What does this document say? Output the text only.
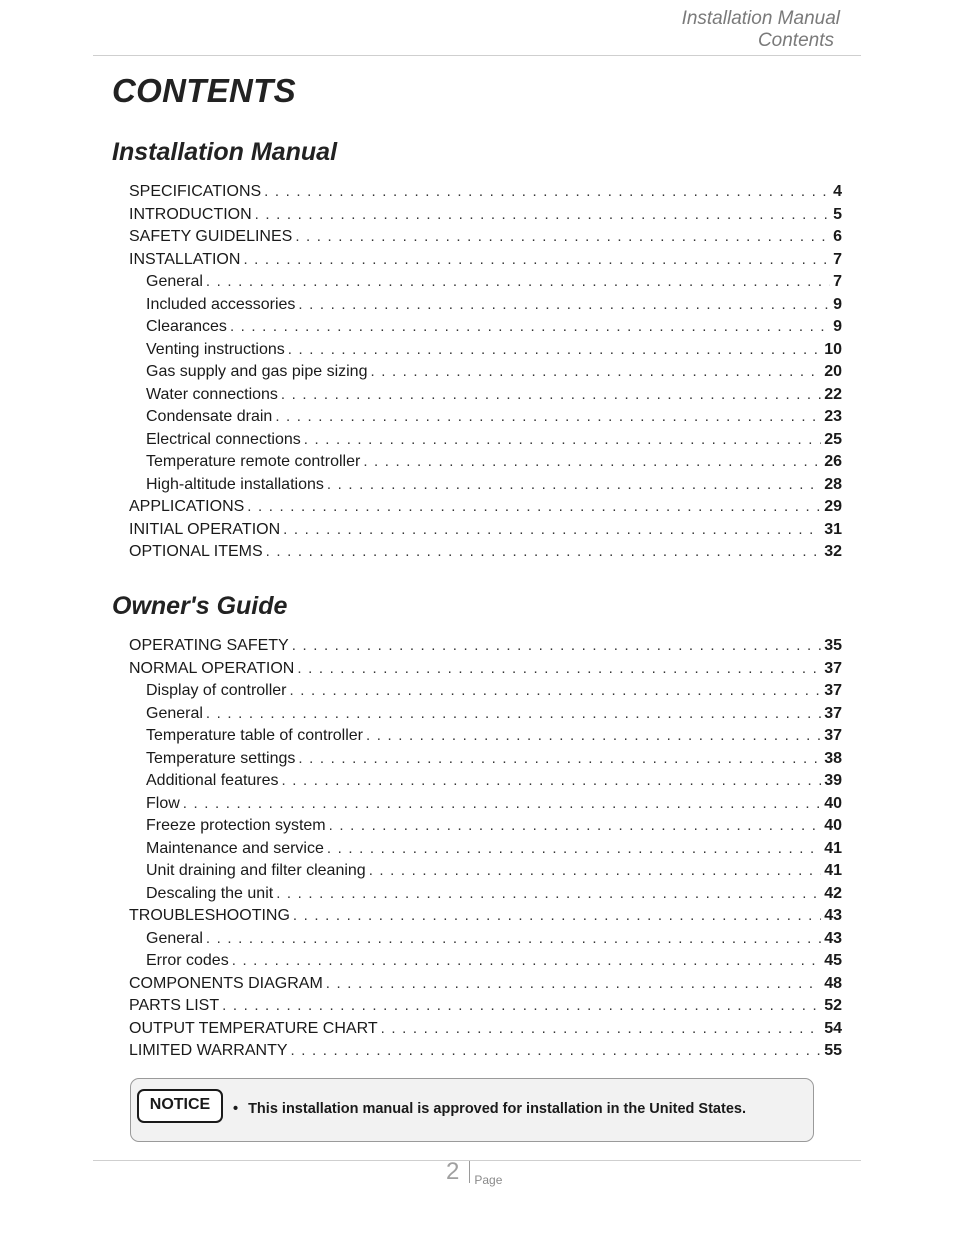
Installation Manual
Contents
CONTENTS
Installation Manual
SPECIFICATIONS . . .	4
INTRODUCTION . . .	5
SAFETY GUIDELINES . . .	6
INSTALLATION . . .	7
General . . .	7
Included accessories . . .	9
Clearances . . .	9
Venting instructions . . .	10
Gas supply and gas pipe sizing . . .	20
Water connections . . .	22
Condensate drain . . .	23
Electrical connections . . .	25
Temperature remote controller . . .	26
High-altitude installations . . .	28
APPLICATIONS . . .	29
INITIAL OPERATION . . .	31
OPTIONAL ITEMS . . .	32
Owner's Guide
OPERATING SAFETY . . .	35
NORMAL OPERATION . . .	37
Display of controller . . .	37
General . . .	37
Temperature table of controller . . .	37
Temperature settings . . .	38
Additional features . . .	39
Flow . . .	40
Freeze protection system . . .	40
Maintenance and service . . .	41
Unit draining and filter cleaning . . .	41
Descaling the unit . . .	42
TROUBLESHOOTING . . .	43
General . . .	43
Error codes . . .	45
COMPONENTS DIAGRAM . . .	48
PARTS LIST . . .	52
OUTPUT TEMPERATURE CHART . . .	54
LIMITED WARRANTY . . .	55
NOTICE	• This installation manual is approved for installation in the United States.
2 $_{Page}$
